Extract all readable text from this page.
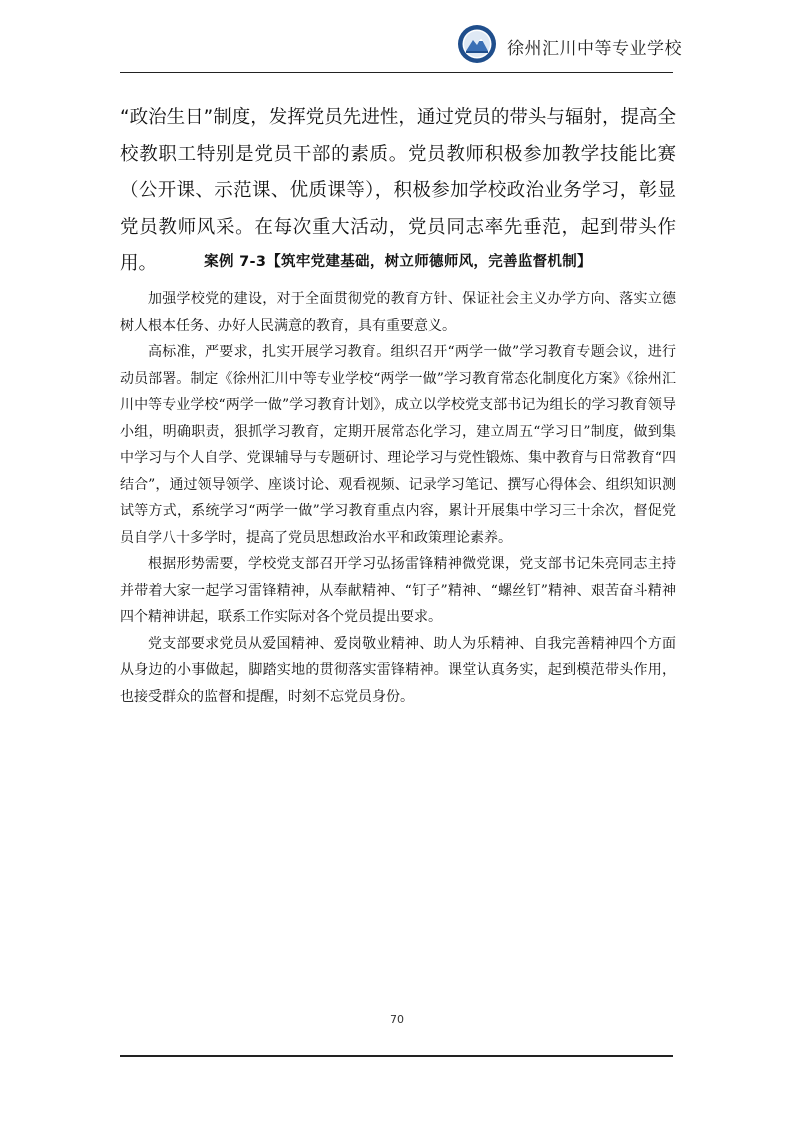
徐州汇川中等专业学校

“政治生日”制度，发挥党员先进性，通过党员的带头与辐射，提高全校教职工特别是党员干部的素质。党员教师积极参加教学技能比赛（公开课、示范课、优质课等），积极参加学校政治业务学习，彰显党员教师风采。在每次重大活动，党员同志率先垂范，起到带头作用。	案例 7-3【筑牢党建基础，树立师德师风，完善监督机制】

加强学校党的建设，对于全面贯彻党的教育方针、保证社会主义办学方向、落实立德树人根本任务、办好人民满意的教育，具有重要意义。

高标准，严要求，扎实开展学习教育。组织召开“两学一做”学习教育专题会议，进行动员部署。制定《徐州汇川中等专业学校“两学一做”学习教育常态化制度化方案》《徐州汇川中等专业学校“两学一做”学习教育计划》，成立以学校党支部书记为组长的学习教育领导小组，明确职责，狠抓学习教育，定期开展常态化学习，建立周五“学习日”制度，做到集中学习与个人自学、党课辅导与专题研讨、理论学习与党性锻炼、集中教育与日常教育“四结合”，通过领导领学、座谈讨论、观看视频、记录学习笔记、撰写心得体会、组织知识测试等方式，系统学习“两学一做”学习教育重点内容，累计开展集中学习三十余次，督促党员自学八十多学时，提高了党员思想政治水平和政策理论素养。

根据形势需要，学校党支部召开学习弘扬雷锋精神微党课，党支部书记朱亮同志主持并带着大家一起学习雷锋精神，从奉献精神、“钉子”精神、“螺丝钉”精神、艰苦奋斗精神四个精神讲起，联系工作实际对各个党员提出要求。

党支部要求党员从爱国精神、爱岗敬业精神、助人为乐精神、自我完善精神四个方面从身边的小事做起，脚踏实地的贯彻落实雷锋精神。课堂认真务实，起到模范带头作用，也接受群众的监督和提醒，时刻不忘党员身份。

70
